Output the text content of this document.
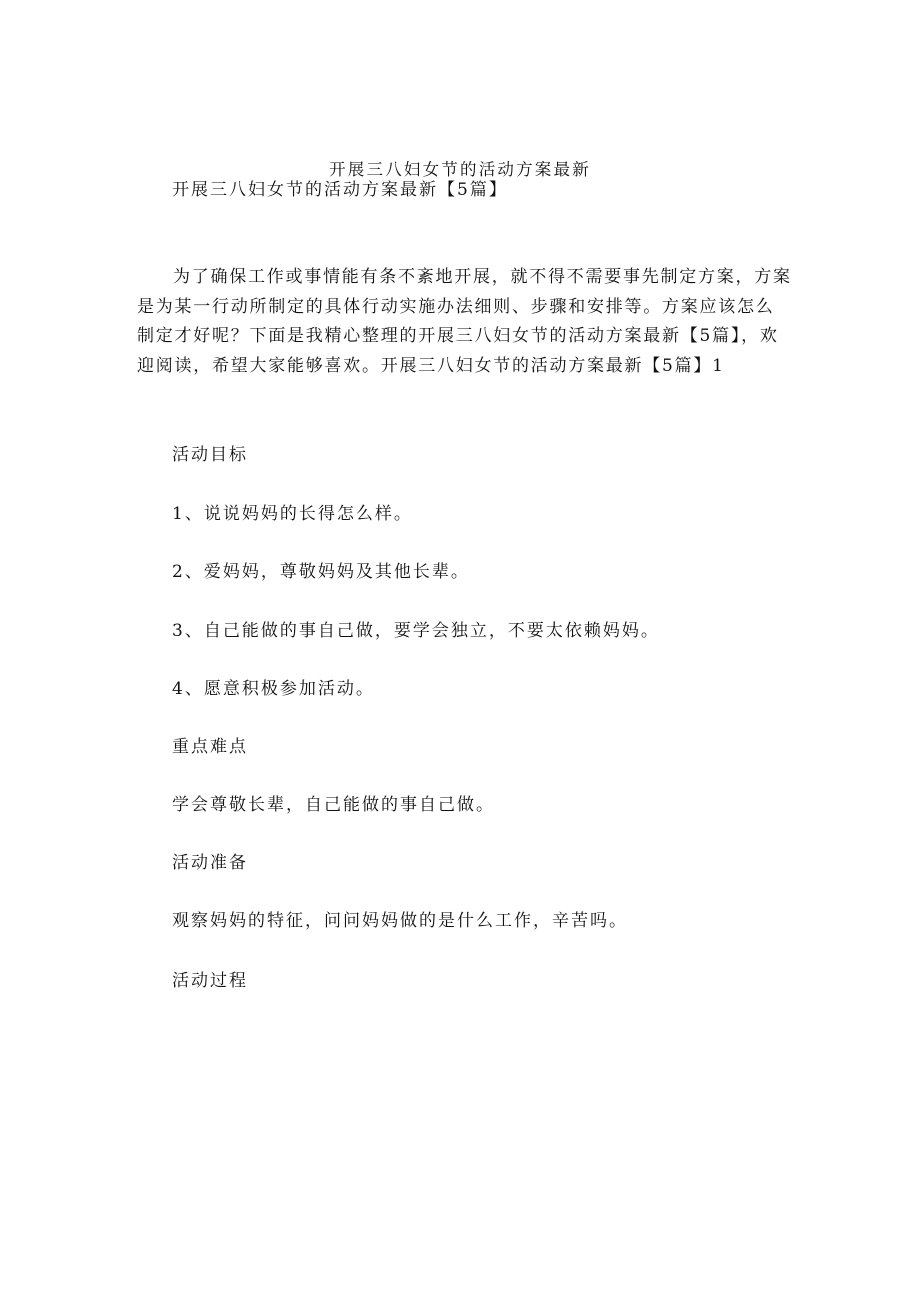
开展三八妇女节的活动方案最新
开展三八妇女节的活动方案最新【5篇】
为了确保工作或事情能有条不紊地开展，就不得不需要事先制定方案，方案
是为某一行动所制定的具体行动实施办法细则、步骤和安排等。方案应该怎么
制定才好呢？下面是我精心整理的开展三八妇女节的活动方案最新【5篇】，欢
迎阅读，希望大家能够喜欢。开展三八妇女节的活动方案最新【5篇】1
活动目标
1、说说妈妈的长得怎么样。
2、爱妈妈，尊敬妈妈及其他长辈。
3、自己能做的事自己做，要学会独立，不要太依赖妈妈。
4、愿意积极参加活动。
重点难点
学会尊敬长辈，自己能做的事自己做。
活动准备
观察妈妈的特征，问问妈妈做的是什么工作，辛苦吗。
活动过程
